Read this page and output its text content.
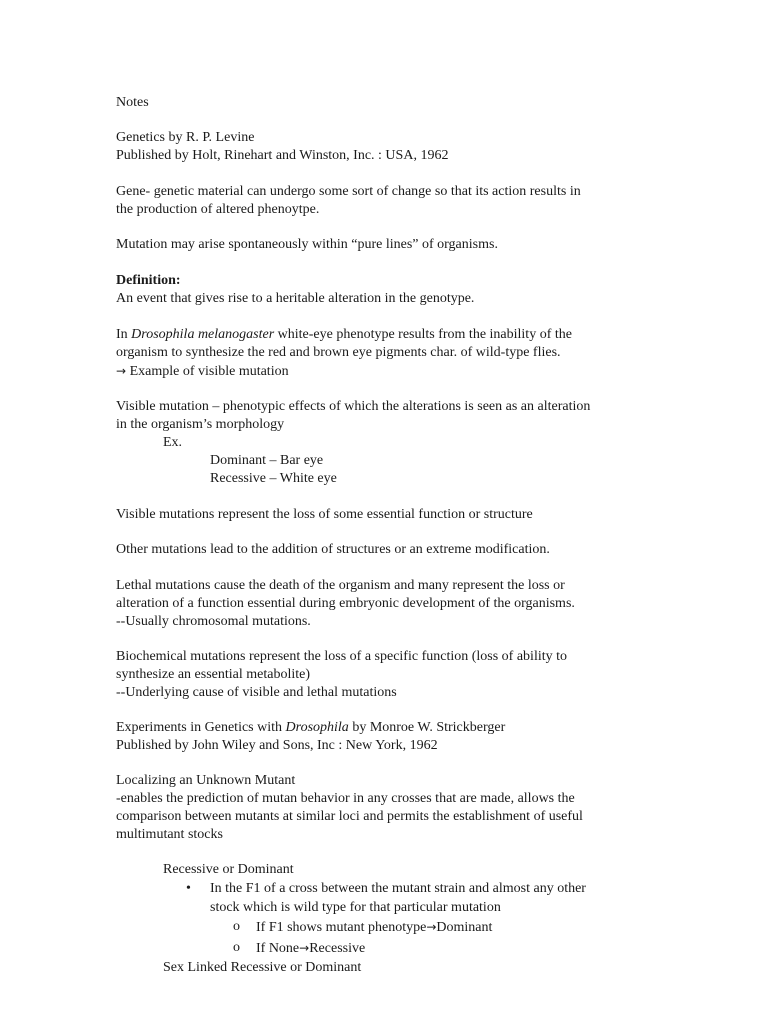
Notes

Genetics by R. P. Levine

Published by Holt, Rinehart and Winston, Inc. : USA, 1962

Gene- genetic material can undergo some sort of change so that its action results in

the production of altered phenoytpe.

Mutation may arise spontaneously within “pure lines” of organisms.

Definition:

An event that gives rise to a heritable alteration in the genotype.

In Drosophila melanogaster white-eye phenotype results from the inability of the

organism to synthesize the red and brown eye pigments char. of wild-type flies.

→ Example of visible mutation

Visible mutation – phenotypic effects of which the alterations is seen as an alteration

in the organism’s morphology

Ex.

Dominant – Bar eye

Recessive – White eye

Visible mutations represent the loss of some essential function or structure

Other mutations lead to the addition of structures or an extreme modification.

Lethal mutations cause the death of the organism and many represent the loss or

alteration of a function essential during embryonic development of the organisms.

--Usually chromosomal mutations.

Biochemical mutations represent the loss of a specific function (loss of ability to

synthesize an essential metabolite)

--Underlying cause of visible and lethal mutations

Experiments in Genetics with Drosophila by Monroe W. Strickberger

Published by John Wiley and Sons, Inc : New York, 1962

Localizing an Unknown Mutant

-enables the prediction of mutan behavior in any crosses that are made, allows the

comparison between mutants at similar loci and permits the establishment of useful

multimutant stocks

Recessive or Dominant

• In the F1 of a cross between the mutant strain and almost any other

stock which is wild type for that particular mutation

o If F1 shows mutant phenotype→Dominant

o If None→Recessive

Sex Linked Recessive or Dominant
